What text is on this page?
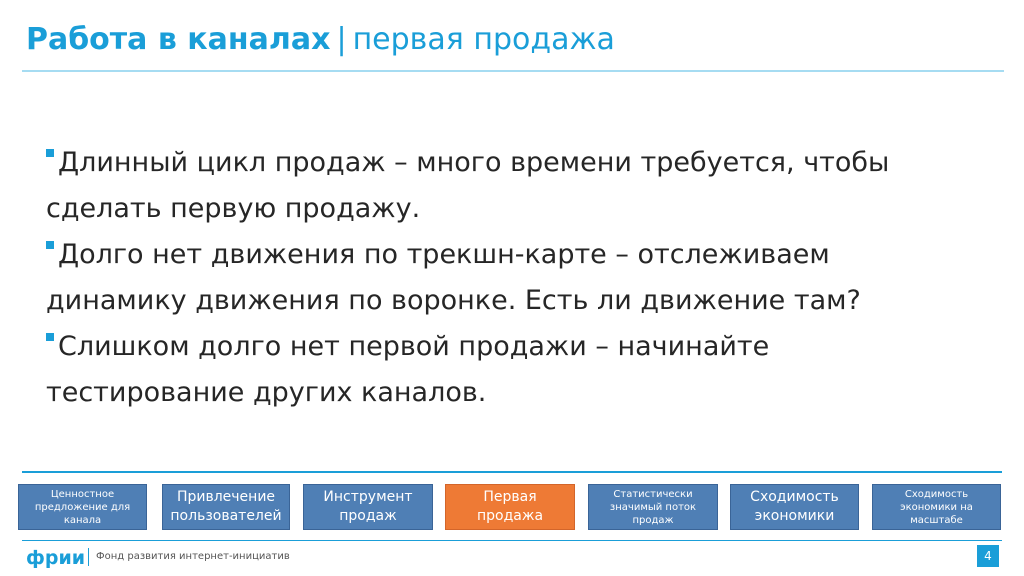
Работа в каналах | первая продажа
Длинный цикл продаж – много времени требуется, чтобы сделать первую продажу.
Долго нет движения по трекшн-карте – отслеживаем динамику движения по воронке. Есть ли движение там?
Слишком долго нет первой продажи – начинайте тестирование других каналов.
Ценностное предложение для канала
Привлечение пользователей
Инструмент продаж
Первая продажа
Статистически значимый поток продаж
Сходимость экономики
Сходимость экономики на масштабе
фрии Фонд развития интернет-инициатив	4
